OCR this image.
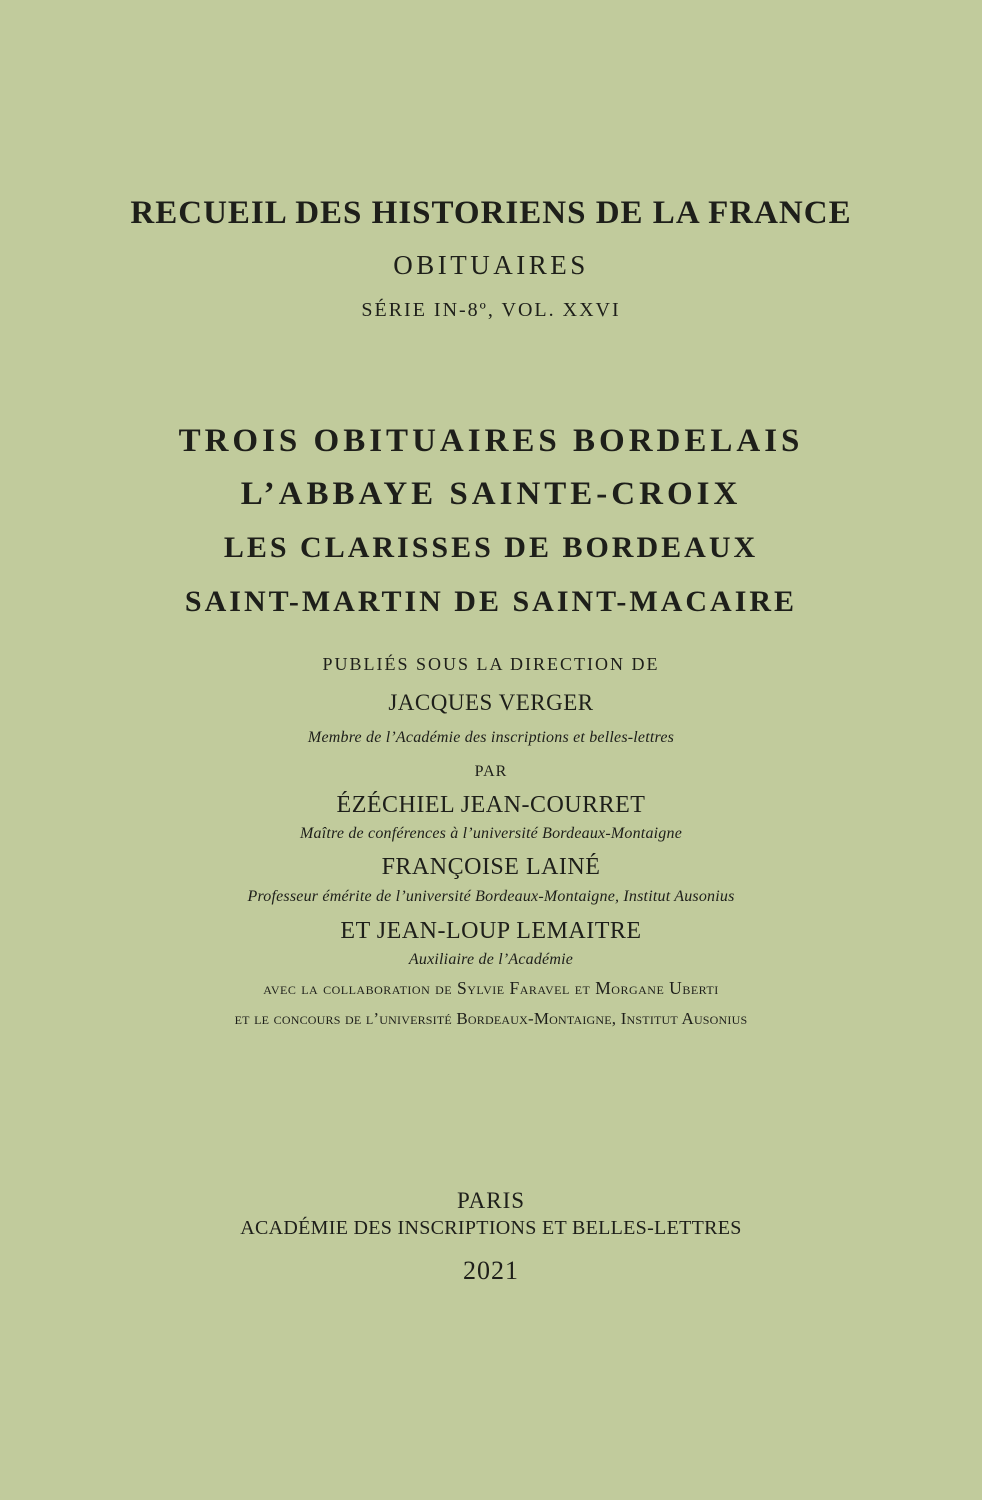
RECUEIL DES HISTORIENS DE LA FRANCE
OBITUAIRES
SÉRIE IN-8º, VOL. XXVI
TROIS OBITUAIRES BORDELAIS
L’ABBAYE SAINTE-CROIX
LES CLARISSES DE BORDEAUX
SAINT-MARTIN DE SAINT-MACAIRE
PUBLIÉS SOUS LA DIRECTION DE
JACQUES VERGER
Membre de l’Académie des inscriptions et belles-lettres
PAR
ÉZÉCHIEL JEAN-COURRET
Maître de conférences à l’université Bordeaux-Montaigne
FRANÇOISE LAINÉ
Professeur émérite de l’université Bordeaux-Montaigne, Institut Ausonius
ET JEAN-LOUP LEMAITRE
Auxiliaire de l’Académie
avec la collaboration de Sylvie Faravel et Morgane Uberti
et le concours de l’université Bordeaux-Montaigne, Institut Ausonius
PARIS
ACADÉMIE DES INSCRIPTIONS ET BELLES-LETTRES
2021
